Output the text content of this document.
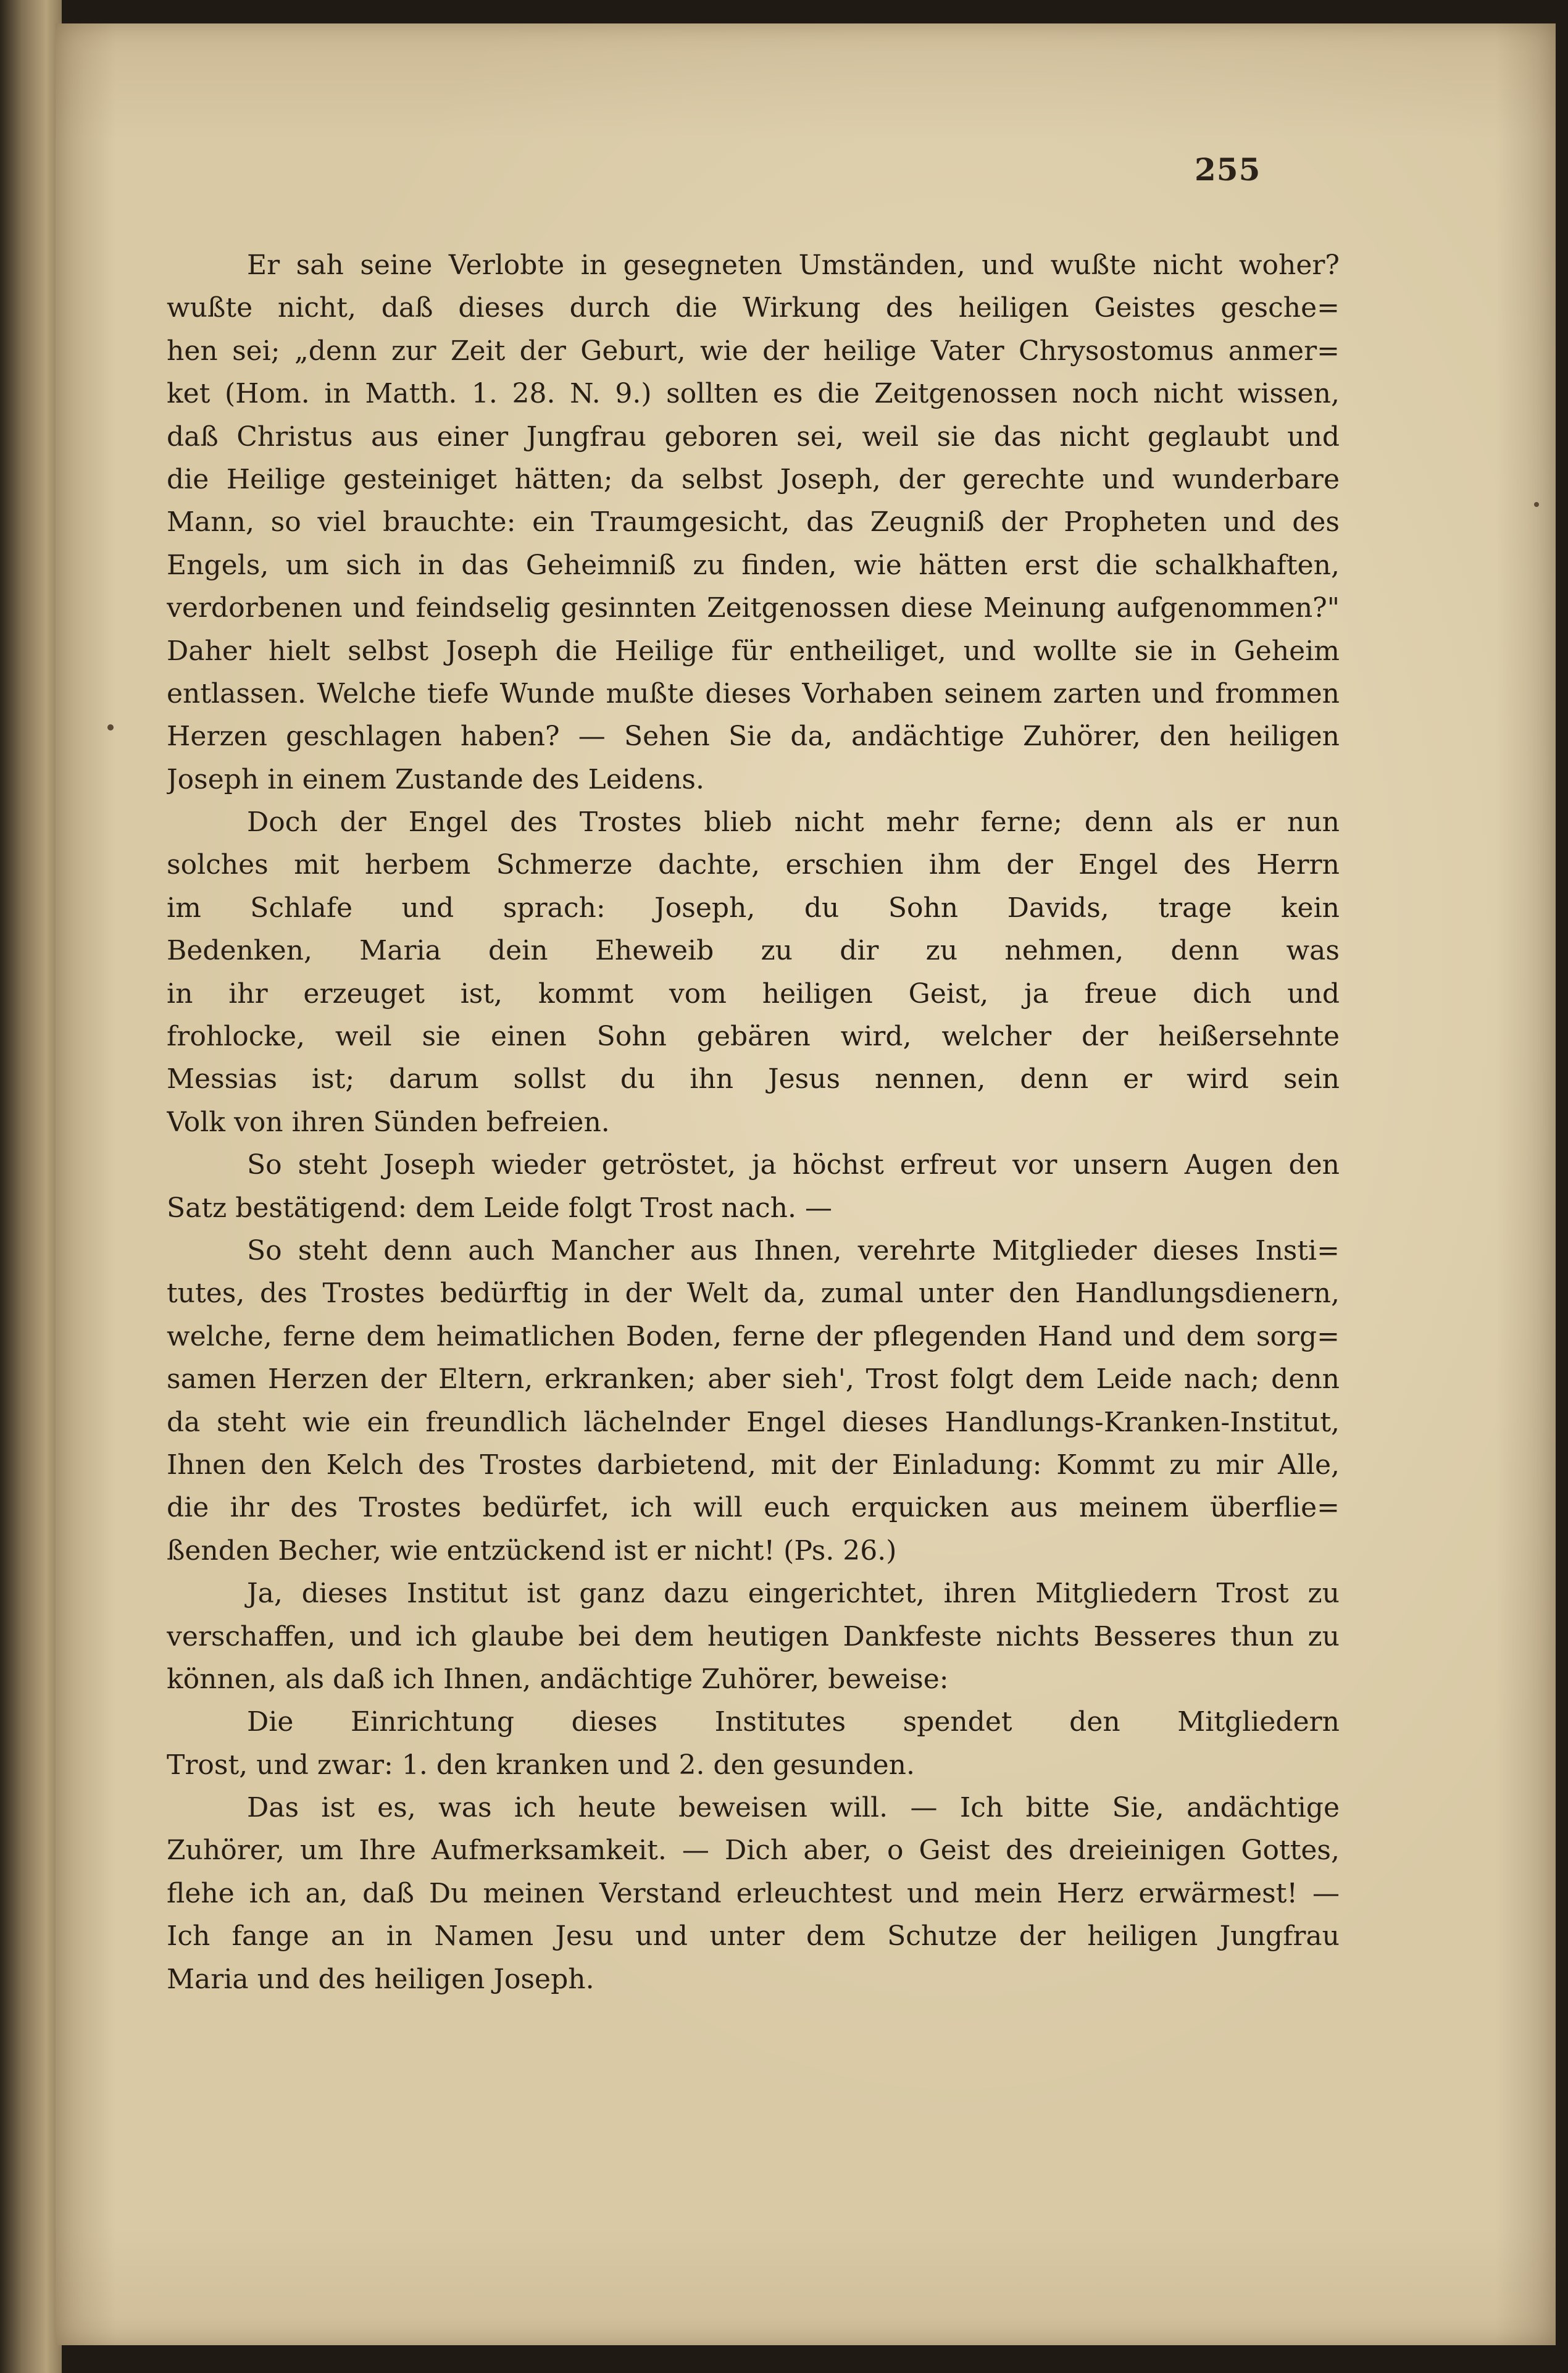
255
Er sah seine Verlobte in gesegneten Umständen, und wußte nicht woher?
wußte nicht, daß dieses durch die Wirkung des heiligen Geistes gesche=
hen sei; „denn zur Zeit der Geburt, wie der heilige Vater Chrysostomus anmer=
ket (Hom. in Matth. 1. 28. N. 9.) sollten es die Zeitgenossen noch nicht wissen,
daß Christus aus einer Jungfrau geboren sei, weil sie das nicht geglaubt und
die Heilige gesteiniget hätten; da selbst Joseph, der gerechte und wunderbare
Mann, so viel brauchte: ein Traumgesicht, das Zeugniß der Propheten und des
Engels, um sich in das Geheimniß zu finden, wie hätten erst die schalkhaften,
verdorbenen und feindselig gesinnten Zeitgenossen diese Meinung aufgenommen?"
Daher hielt selbst Joseph die Heilige für entheiliget, und wollte sie in Geheim
entlassen. Welche tiefe Wunde mußte dieses Vorhaben seinem zarten und frommen
Herzen geschlagen haben? — Sehen Sie da, andächtige Zuhörer, den heiligen
Joseph in einem Zustande des Leidens.
Doch der Engel des Trostes blieb nicht mehr ferne; denn als er nun
solches mit herbem Schmerze dachte, erschien ihm der Engel des Herrn
im Schlafe und sprach: Joseph, du Sohn Davids, trage kein
Bedenken, Maria dein Eheweib zu dir zu nehmen, denn was
in ihr erzeuget ist, kommt vom heiligen Geist, ja freue dich und
frohlocke, weil sie einen Sohn gebären wird, welcher der heißersehnte
Messias ist; darum sollst du ihn Jesus nennen, denn er wird sein
Volk von ihren Sünden befreien.
So steht Joseph wieder getröstet, ja höchst erfreut vor unsern Augen den
Satz bestätigend: dem Leide folgt Trost nach. —
So steht denn auch Mancher aus Ihnen, verehrte Mitglieder dieses Insti=
tutes, des Trostes bedürftig in der Welt da, zumal unter den Handlungsdienern,
welche, ferne dem heimatlichen Boden, ferne der pflegenden Hand und dem sorg=
samen Herzen der Eltern, erkranken; aber sieh', Trost folgt dem Leide nach; denn
da steht wie ein freundlich lächelnder Engel dieses Handlungs-Kranken-Institut,
Ihnen den Kelch des Trostes darbietend, mit der Einladung: Kommt zu mir Alle,
die ihr des Trostes bedürfet, ich will euch erquicken aus meinem überflie=
ßenden Becher, wie entzückend ist er nicht! (Ps. 26.)
Ja, dieses Institut ist ganz dazu eingerichtet, ihren Mitgliedern Trost zu
verschaffen, und ich glaube bei dem heutigen Dankfeste nichts Besseres thun zu
können, als daß ich Ihnen, andächtige Zuhörer, beweise:
Die Einrichtung dieses Institutes spendet den Mitgliedern
Trost, und zwar: 1. den kranken und 2. den gesunden.
Das ist es, was ich heute beweisen will. — Ich bitte Sie, andächtige
Zuhörer, um Ihre Aufmerksamkeit. — Dich aber, o Geist des dreieinigen Gottes,
flehe ich an, daß Du meinen Verstand erleuchtest und mein Herz erwärmest! —
Ich fange an in Namen Jesu und unter dem Schutze der heiligen Jungfrau
Maria und des heiligen Joseph.
